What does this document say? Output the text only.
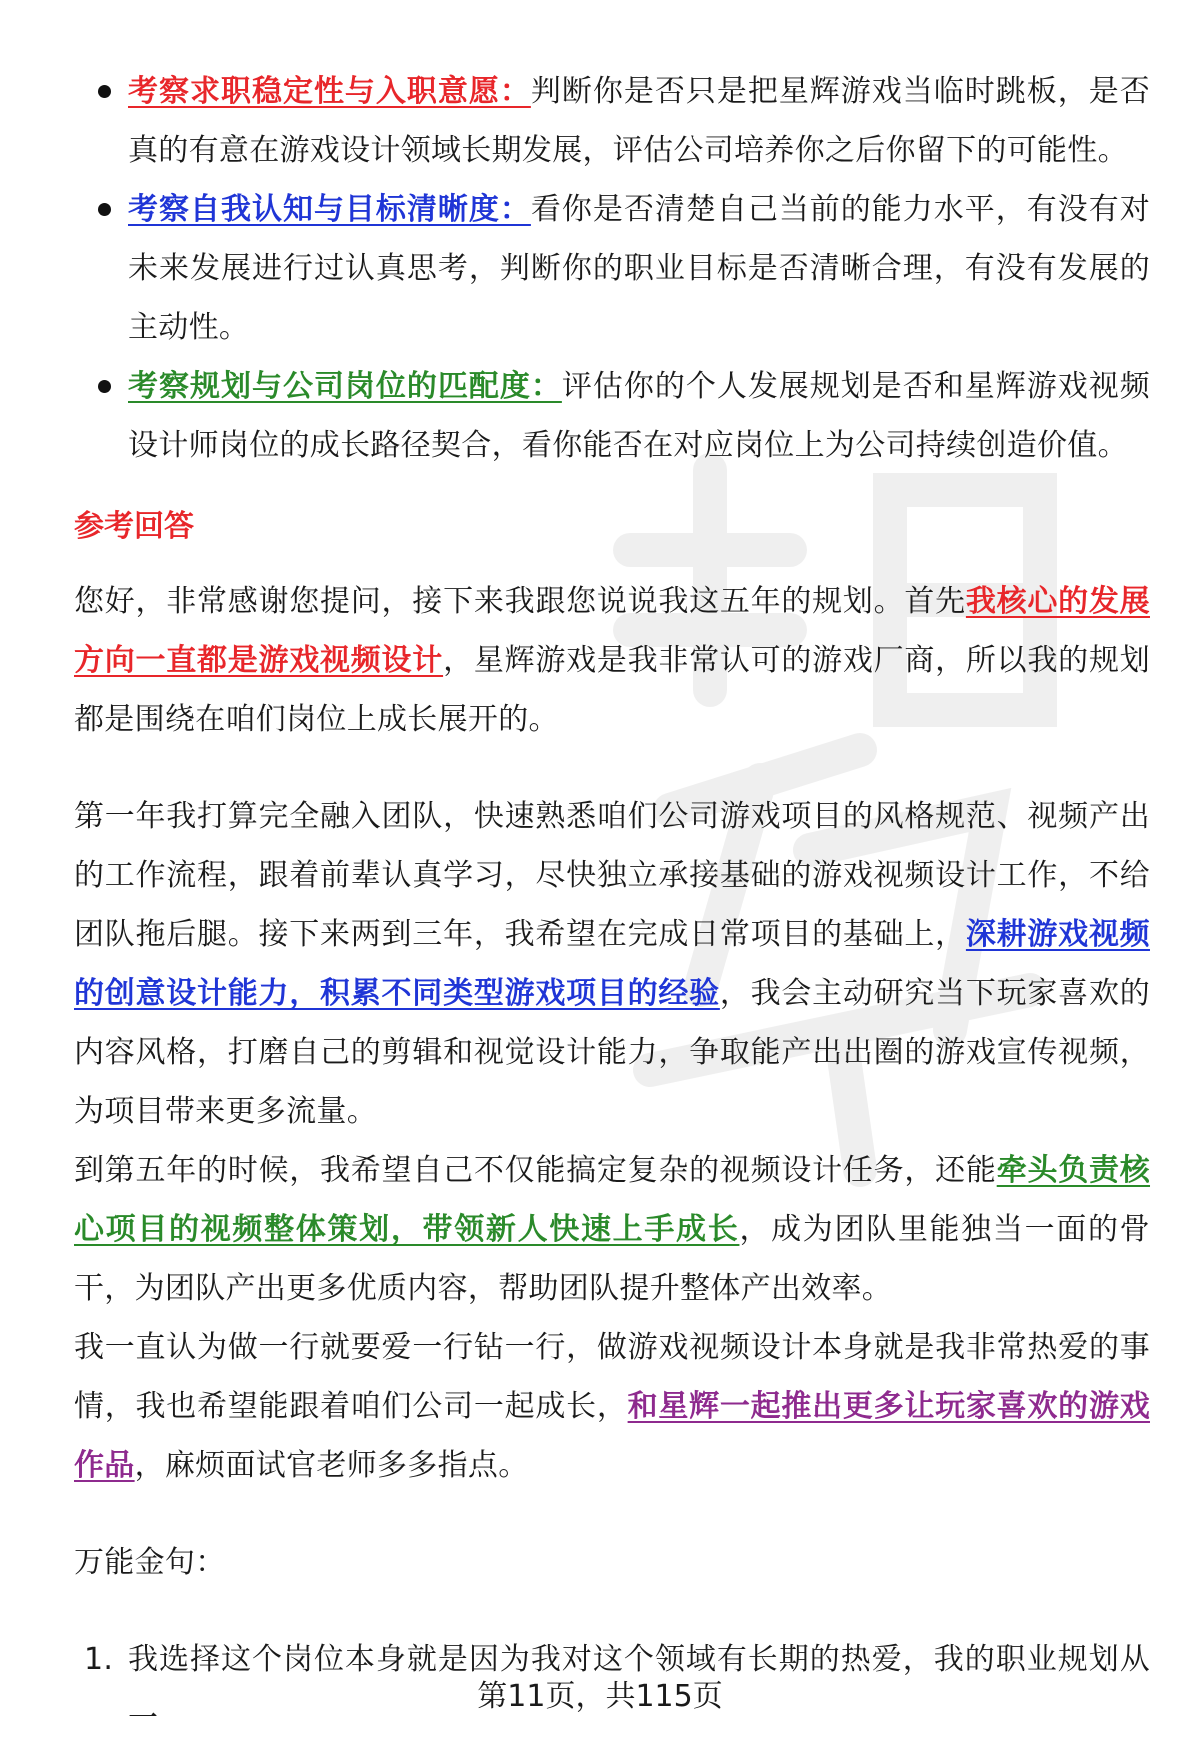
考察求职稳定性与入职意愿：判断你是否只是把星辉游戏当临时跳板，是否真的有意在游戏设计领域长期发展，评估公司培养你之后你留下的可能性。
考察自我认知与目标清晰度：看你是否清楚自己当前的能力水平，有没有对未来发展进行过认真思考，判断你的职业目标是否清晰合理，有没有发展的主动性。
考察规划与公司岗位的匹配度：评估你的个人发展规划是否和星辉游戏视频设计师岗位的成长路径契合，看你能否在对应岗位上为公司持续创造价值。
参考回答

您好，非常感谢您提问，接下来我跟您说说我这五年的规划。首先我核心的发展方向一直都是游戏视频设计，星辉游戏是我非常认可的游戏厂商，所以我的规划都是围绕在咱们岗位上成长展开的。

第一年我打算完全融入团队，快速熟悉咱们公司游戏项目的风格规范、视频产出的工作流程，跟着前辈认真学习，尽快独立承接基础的游戏视频设计工作，不给团队拖后腿。接下来两到三年，我希望在完成日常项目的基础上，深耕游戏视频的创意设计能力，积累不同类型游戏项目的经验，我会主动研究当下玩家喜欢的内容风格，打磨自己的剪辑和视觉设计能力，争取能产出出圈的游戏宣传视频，为项目带来更多流量。

到第五年的时候，我希望自己不仅能搞定复杂的视频设计任务，还能牵头负责核心项目的视频整体策划，带领新人快速上手成长，成为团队里能独当一面的骨干，为团队产出更多优质内容，帮助团队提升整体产出效率。

我一直认为做一行就要爱一行钻一行，做游戏视频设计本身就是我非常热爱的事情，我也希望能跟着咱们公司一起成长，和星辉一起推出更多让玩家喜欢的游戏作品，麻烦面试官老师多多指点。

万能金句：

1. 我选择这个岗位本身就是因为我对这个领域有长期的热爱，我的职业规划从一
第11页，共115页
